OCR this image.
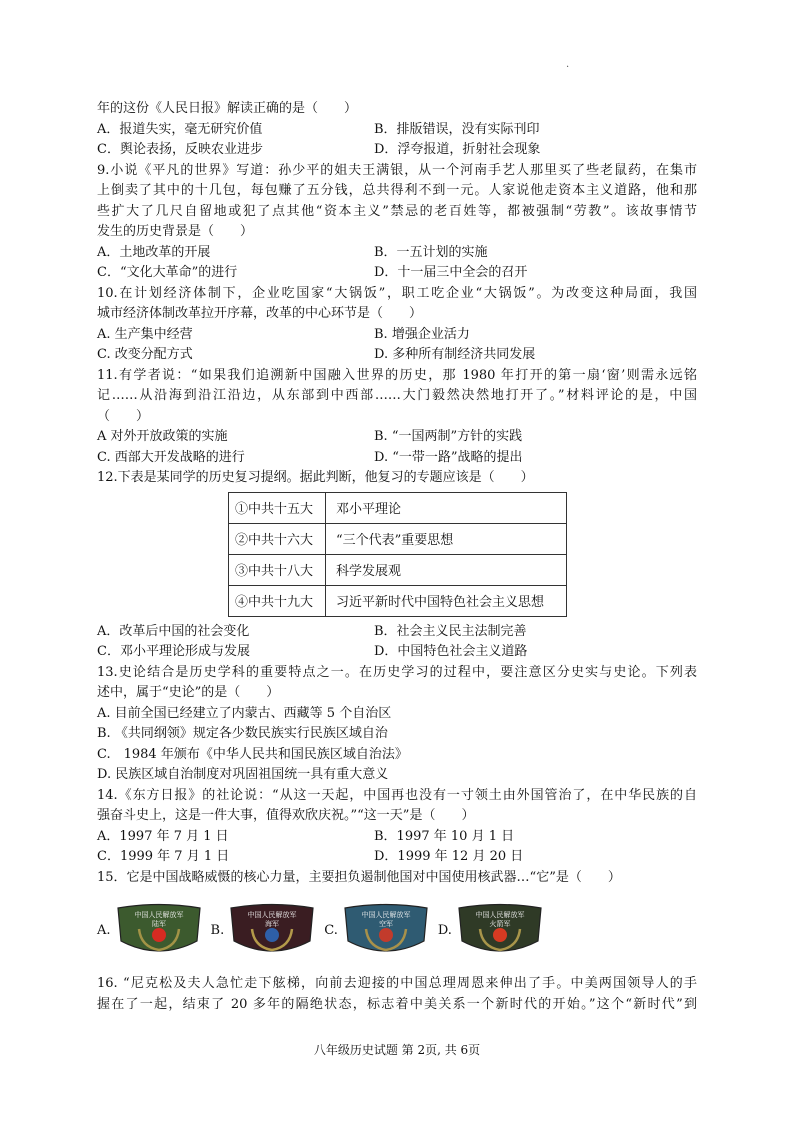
.
年的这份《人民日报》解读正确的是（　　）
A．报道失实，毫无研究价值	B．排版错误，没有实际刊印
C．舆论表扬，反映农业进步	D．浮夸报道，折射社会现象
9.小说《平凡的世界》写道：孙少平的姐夫王满银，从一个河南手艺人那里买了些老鼠药，在集市
上倒卖了其中的十几包，每包赚了五分钱，总共得利不到一元。人家说他走资本主义道路，他和那
些扩大了几尺自留地或犯了点其他“资本主义”禁忌的老百姓等，都被强制“劳教”。该故事情节
发生的历史背景是（　　）
A．土地改革的开展	B．一五计划的实施
C．“文化大革命”的进行	D．十一届三中全会的召开
10.在计划经济体制下，企业吃国家“大锅饭”，职工吃企业“大锅饭”。为改变这种局面，我国
城市经济体制改革拉开序幕，改革的中心环节是（　　）
A. 生产集中经营	B. 增强企业活力
C. 改变分配方式	D. 多种所有制经济共同发展
11.有学者说：“如果我们追溯新中国融入世界的历史，那 1980 年打开的第一扇‘窗’则需永远铭
记……从沿海到沿江沿边，从东部到中西部……大门毅然决然地打开了。”材料评论的是，中国
（　　）
A 对外开放政策的实施	B. “一国两制”方针的实践
C. 西部大开发战略的进行	D. “一带一路”战略的提出
12.下表是某同学的历史复习提纲。据此判断，他复习的专题应该是（　　）
①中共十五大	邓小平理论
②中共十六大	“三个代表”重要思想
③中共十八大	科学发展观
④中共十九大	习近平新时代中国特色社会主义思想
A．改革后中国的社会变化	B．社会主义民主法制完善
C．邓小平理论形成与发展	D．中国特色社会主义道路
13.史论结合是历史学科的重要特点之一。在历史学习的过程中，要注意区分史实与史论。下列表
述中，属于“史论”的是（　　）
A. 目前全国已经建立了内蒙古、西藏等 5 个自治区
B. 《共同纲领》规定各少数民族实行民族区域自治
C.　1984 年颁布《中华人民共和国民族区域自治法》
D. 民族区域自治制度对巩固祖国统一具有重大意义
14.《东方日报》的社论说：“从这一天起，中国再也没有一寸领土由外国管治了，在中华民族的自
强奋斗史上，这是一件大事，值得欢欣庆祝。”“这一天”是（　　）
A．1997 年 7 月 1 日	B．1997 年 10 月 1 日
C．1999 年 7 月 1 日	D．1999 年 12 月 20 日
15．它是中国战略威慑的核心力量，主要担负遏制他国对中国使用核武器…“它”是（　　）
A.
中国人民解放军
陆军	B.
中国人民解放军
海军	C.
中国人民解放军
空军	D.
中国人民解放军
火箭军
16. “尼克松及夫人急忙走下舷梯，向前去迎接的中国总理周恩来伸出了手。中美两国领导人的手
握在了一起，结束了 20 多年的隔绝状态，标志着中美关系一个新时代的开始。”这个“新时代”到
八年级历史试题 第 2页, 共 6页
